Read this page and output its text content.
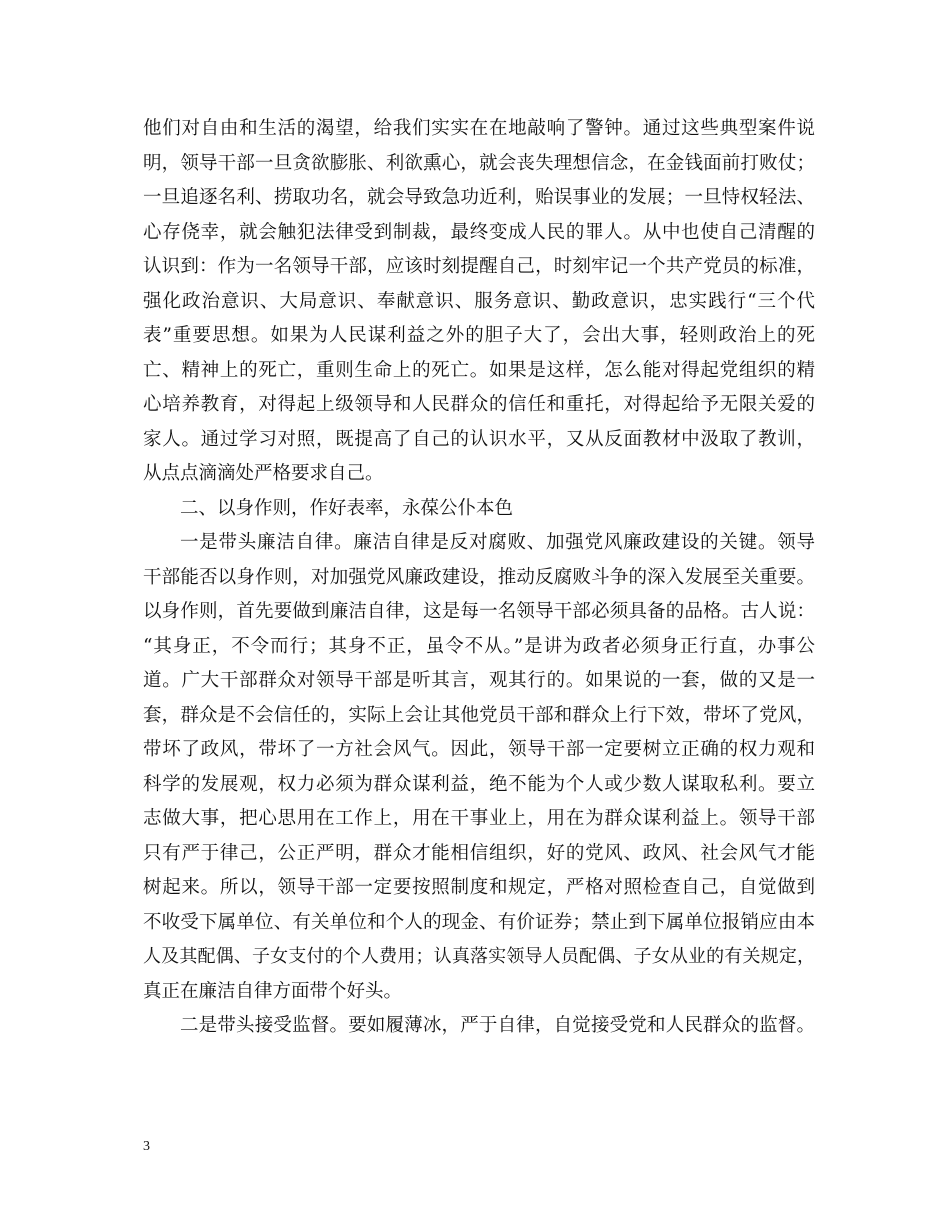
他们对自由和生活的渴望，给我们实实在在地敲响了警钟。通过这些典型案件说
明，领导干部一旦贪欲膨胀、利欲熏心，就会丧失理想信念，在金钱面前打败仗；
一旦追逐名利、捞取功名，就会导致急功近利，贻误事业的发展；一旦恃权轻法、
心存侥幸，就会触犯法律受到制裁，最终变成人民的罪人。从中也使自己清醒的
认识到：作为一名领导干部，应该时刻提醒自己，时刻牢记一个共产党员的标准，
强化政治意识、大局意识、奉献意识、服务意识、勤政意识，忠实践行“三个代
表”重要思想。如果为人民谋利益之外的胆子大了，会出大事，轻则政治上的死
亡、精神上的死亡，重则生命上的死亡。如果是这样，怎么能对得起党组织的精
心培养教育，对得起上级领导和人民群众的信任和重托，对得起给予无限关爱的
家人。通过学习对照，既提高了自己的认识水平，又从反面教材中汲取了教训，
从点点滴滴处严格要求自己。
二、以身作则，作好表率，永葆公仆本色
一是带头廉洁自律。廉洁自律是反对腐败、加强党风廉政建设的关键。领导
干部能否以身作则，对加强党风廉政建设，推动反腐败斗争的深入发展至关重要。
以身作则，首先要做到廉洁自律，这是每一名领导干部必须具备的品格。古人说：
“其身正，不令而行；其身不正，虽令不从。”是讲为政者必须身正行直，办事公
道。广大干部群众对领导干部是听其言，观其行的。如果说的一套，做的又是一
套，群众是不会信任的，实际上会让其他党员干部和群众上行下效，带坏了党风，
带坏了政风，带坏了一方社会风气。因此，领导干部一定要树立正确的权力观和
科学的发展观，权力必须为群众谋利益，绝不能为个人或少数人谋取私利。要立
志做大事，把心思用在工作上，用在干事业上，用在为群众谋利益上。领导干部
只有严于律己，公正严明，群众才能相信组织，好的党风、政风、社会风气才能
树起来。所以，领导干部一定要按照制度和规定，严格对照检查自己，自觉做到
不收受下属单位、有关单位和个人的现金、有价证券；禁止到下属单位报销应由本
人及其配偶、子女支付的个人费用；认真落实领导人员配偶、子女从业的有关规定，
真正在廉洁自律方面带个好头。
二是带头接受监督。要如履薄冰，严于自律，自觉接受党和人民群众的监督。
3
